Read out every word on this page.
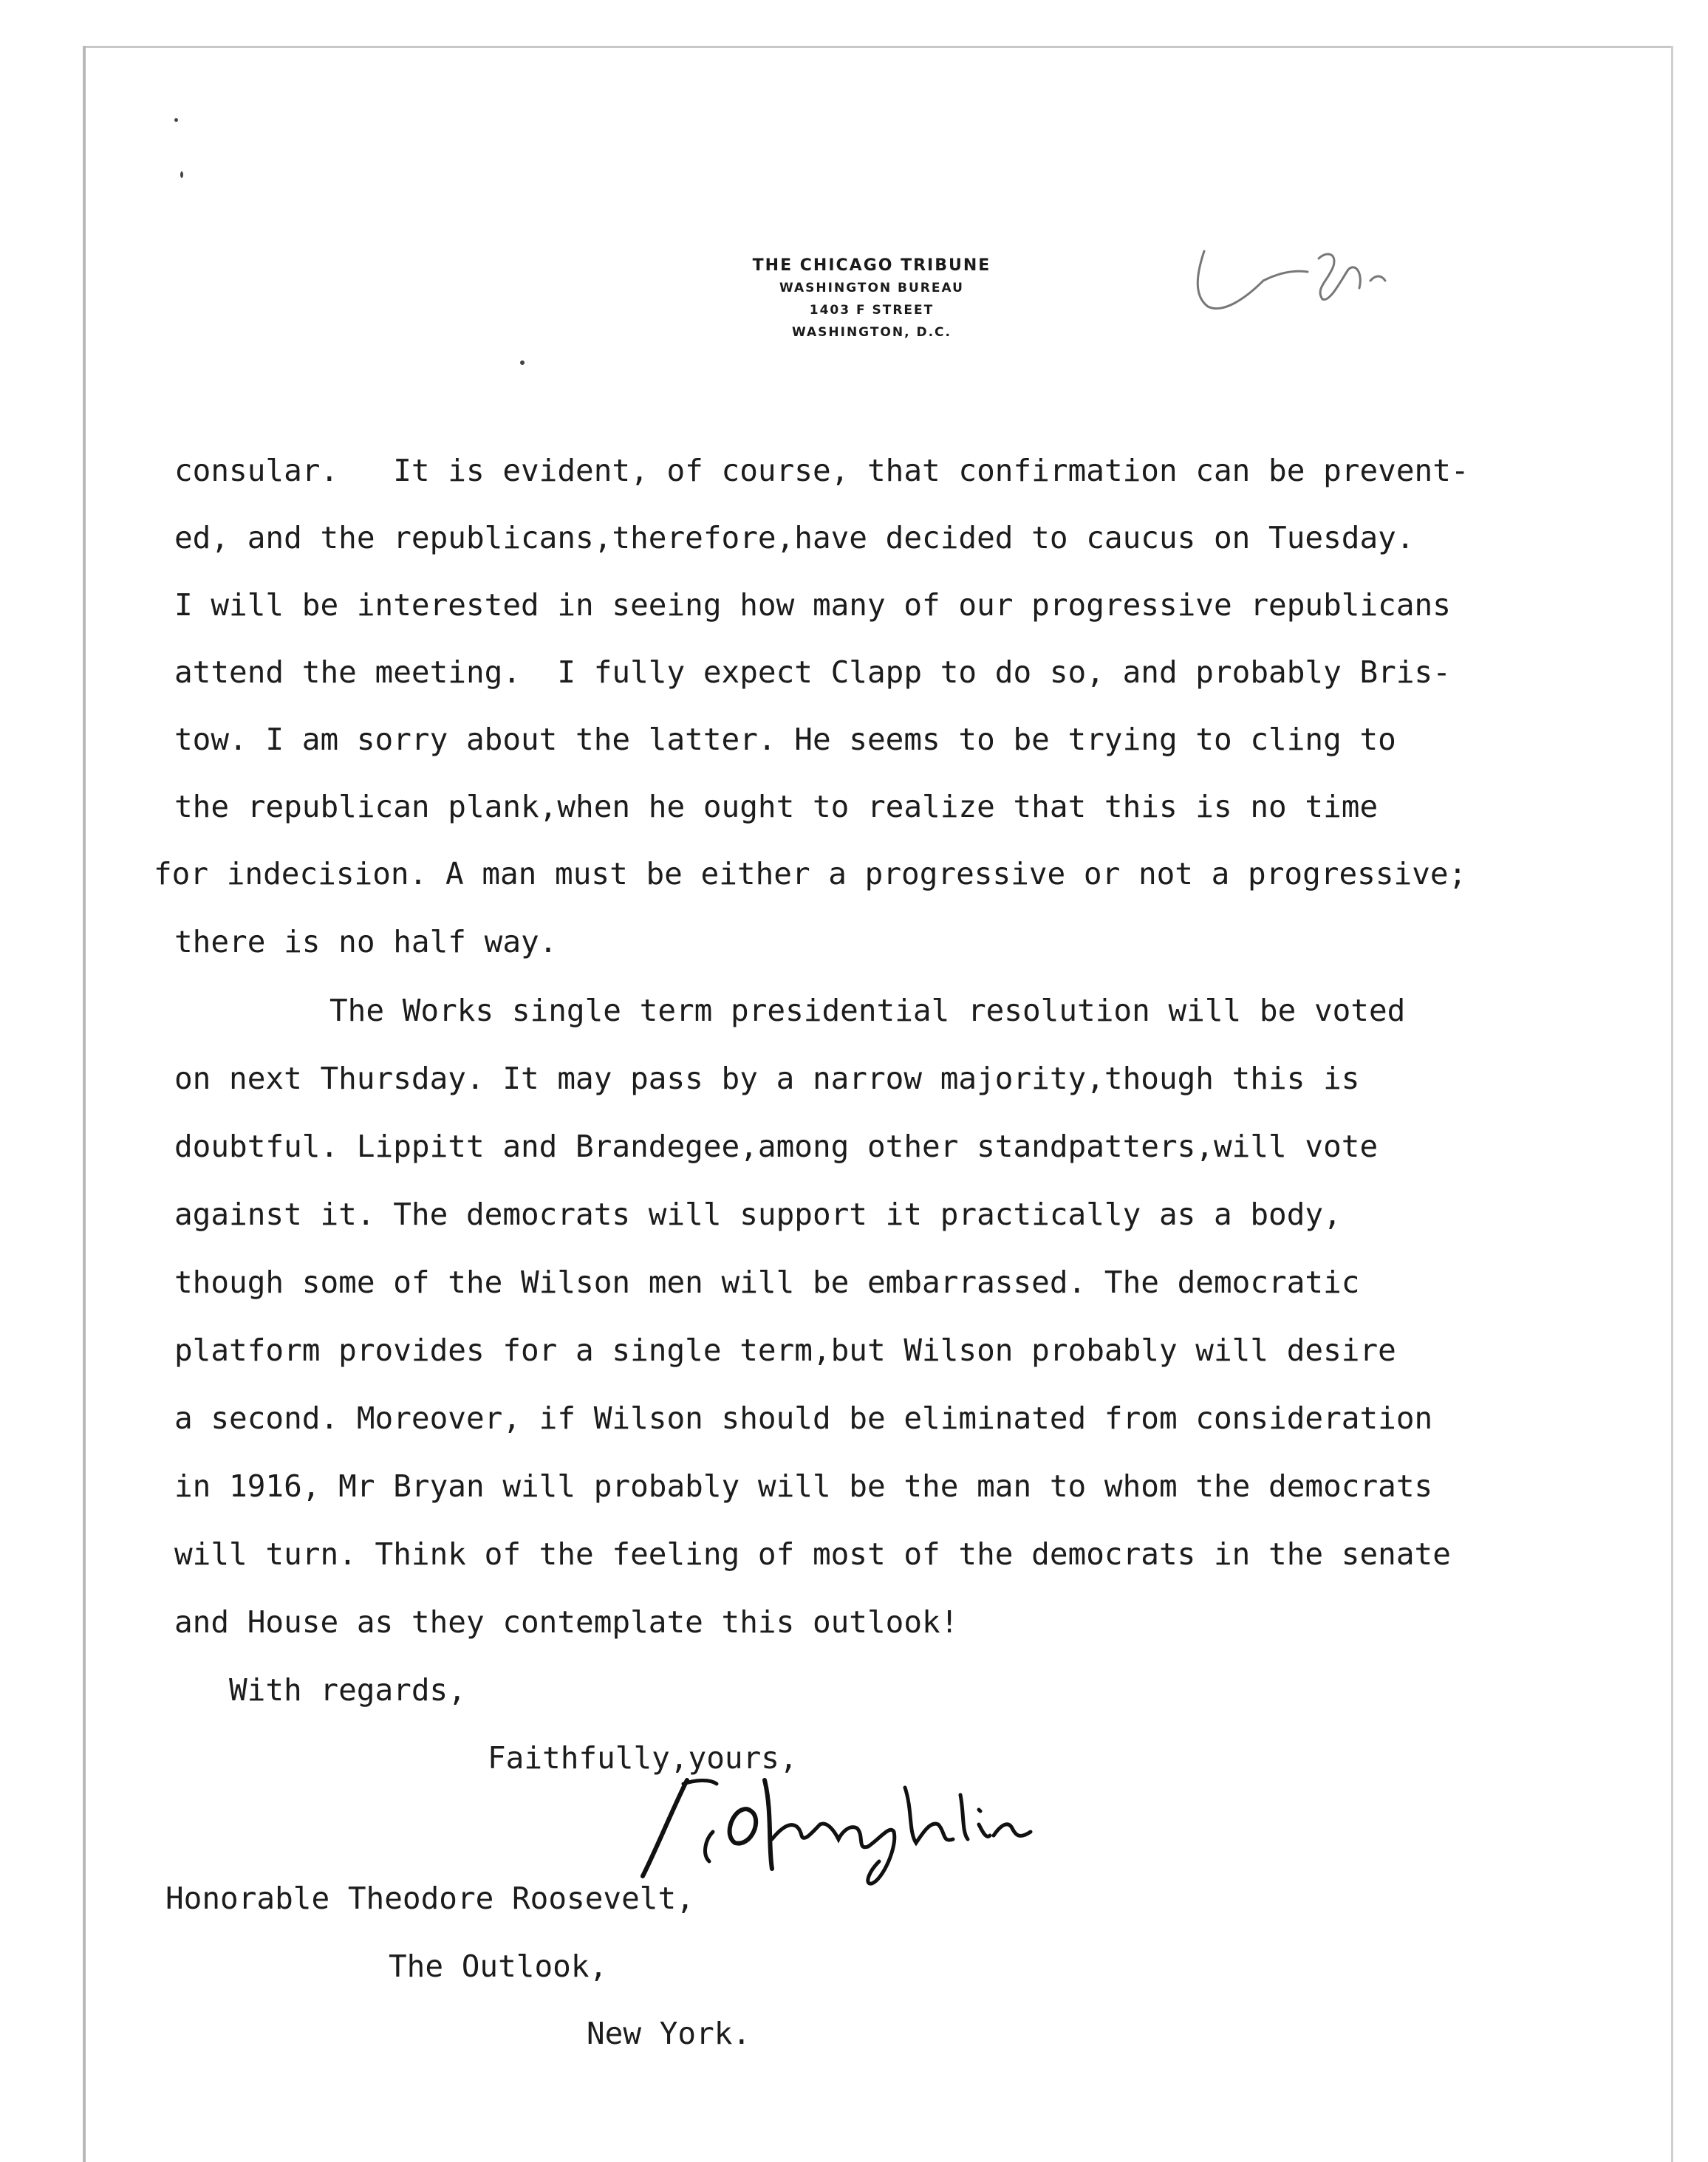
THE CHICAGO TRIBUNE
WASHINGTON BUREAU
1403 F STREET
WASHINGTON, D.C.
consular.   It is evident, of course, that confirmation can be prevent-
ed, and the republicans,therefore,have decided to caucus on Tuesday.
I will be interested in seeing how many of our progressive republicans
attend the meeting.  I fully expect Clapp to do so, and probably Bris-
tow. I am sorry about the latter. He seems to be trying to cling to
the republican plank,when he ought to realize that this is no time
for indecision. A man must be either a progressive or not a progressive;
there is no half way.
The Works single term presidential resolution will be voted
on next Thursday. It may pass by a narrow majority,though this is
doubtful. Lippitt and Brandegee,among other standpatters,will vote
against it. The democrats will support it practically as a body,
though some of the Wilson men will be embarrassed. The democratic
platform provides for a single term,but Wilson probably will desire
a second. Moreover, if Wilson should be eliminated from consideration
in 1916, Mr Bryan will probably will be the man to whom the democrats
will turn. Think of the feeling of most of the democrats in the senate
and House as they contemplate this outlook!
With regards,
Faithfully,yours,
Honorable Theodore Roosevelt,
The Outlook,
New York.
